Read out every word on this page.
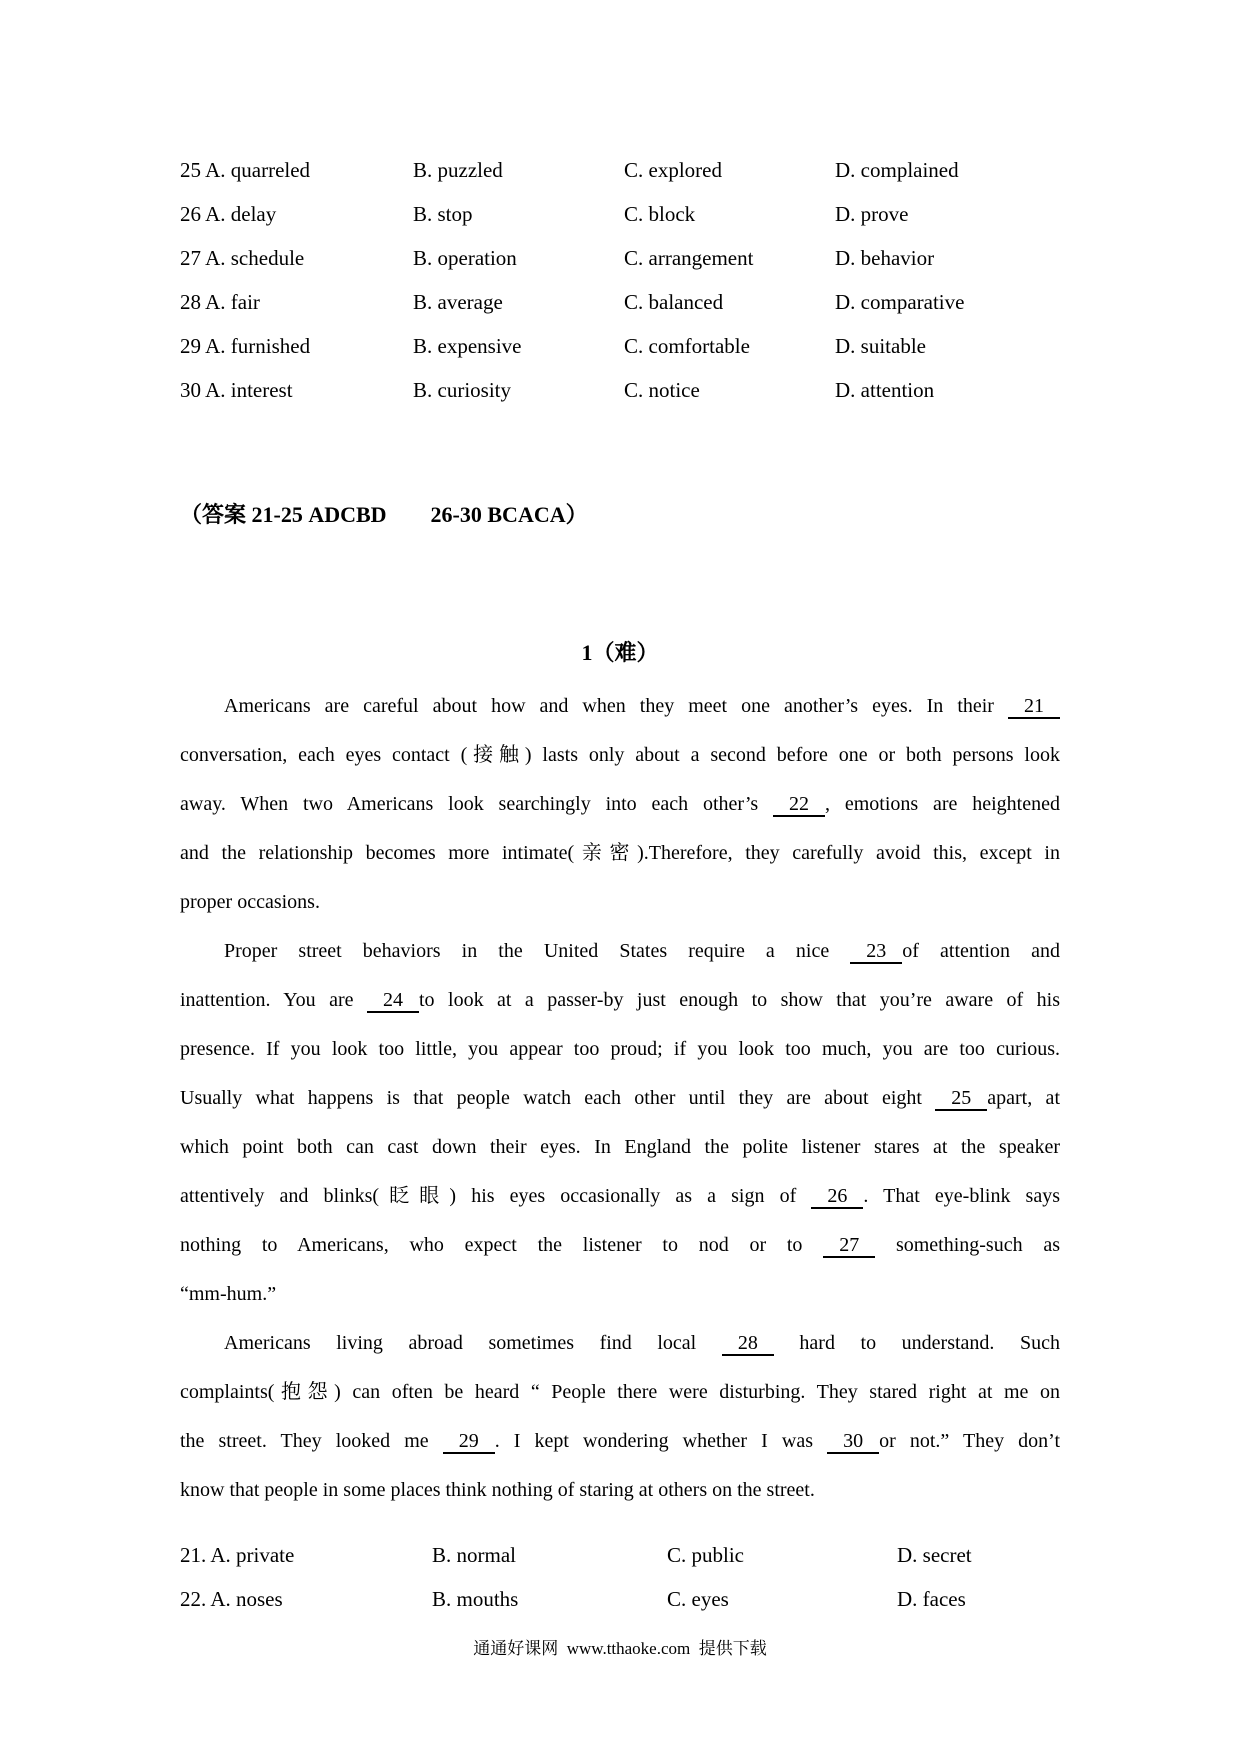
25 A. quarreled	B. puzzled	C. explored	D. complained
26 A. delay	B. stop	C. block	D. prove
27 A. schedule	B. operation	C. arrangement	D. behavior
28 A. fair	B. average	C. balanced	D. comparative
29 A. furnished	B. expensive	C. comfortable	D. suitable
30 A. interest	B. curiosity	C. notice	D. attention
（答案 21-25 ADCBD        26-30 BCACA）
1（难）
Americans are careful about how and when they meet one another’s eyes. In their 21
conversation, each eyes contact (接触) lasts only about a second before one or both persons look
away. When two Americans look searchingly into each other’s 22 , emotions are heightened
and the relationship becomes more intimate(亲密).Therefore, they carefully avoid this, except in
proper occasions.
Proper street behaviors in the United States require a nice 23 of attention and
inattention. You are 24 to look at a passer-by just enough to show that you’re aware of his
presence. If you look too little, you appear too proud; if you look too much, you are too curious.
Usually what happens is that people watch each other until they are about eight 25 apart, at
which point both can cast down their eyes. In England the polite listener stares at the speaker
attentively and blinks(眨眼) his eyes occasionally as a sign of 26 . That eye-blink says
nothing to Americans, who expect the listener to nod or to 27 something-such as
“mm-hum.”
Americans living abroad sometimes find local 28 hard to understand. Such
complaints(抱怨) can often be heard “ People there were disturbing. They stared right at me on
the street. They looked me 29 . I kept wondering whether I was 30 or not.” They don’t
know that people in some places think nothing of staring at others on the street.
21. A. private	B. normal	C. public	D. secret
22. A. noses	B. mouths	C. eyes	D. faces
通通好课网  www.tthaoke.com  提供下载
